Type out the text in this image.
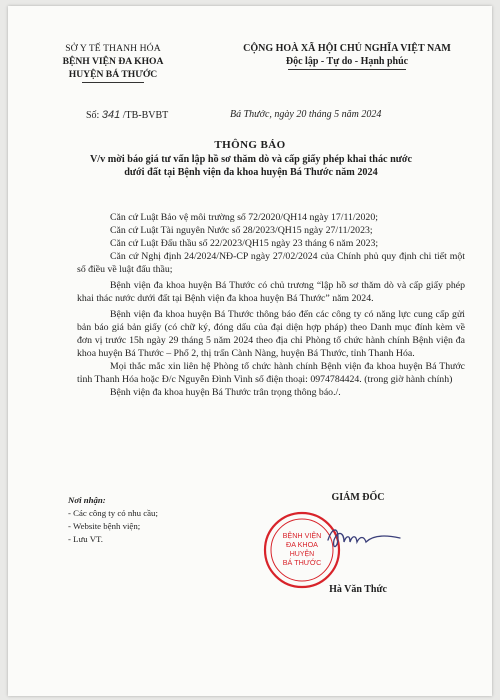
SỞ Y TẾ THANH HÓA
BỆNH VIỆN ĐA KHOA
HUYỆN BÁ THƯỚC
CỘNG HOÀ XÃ HỘI CHỦ NGHĨA VIỆT NAM
Độc lập - Tự do - Hạnh phúc
Số: 341 /TB-BVBT	Bá Thước, ngày 20 tháng 5 năm 2024
THÔNG BÁO
V/v mời báo giá tư vấn lập hồ sơ thăm dò và cấp giấy phép khai thác nước
dưới đất tại Bệnh viện đa khoa huyện Bá Thước năm 2024

Căn cứ Luật Bảo vệ môi trường số 72/2020/QH14 ngày 17/11/2020;

Căn cứ Luật Tài nguyên Nước số 28/2023/QH15 ngày 27/11/2023;

Căn cứ Luật Đấu thầu số 22/2023/QH15 ngày 23 tháng 6 năm 2023;

Căn cứ Nghị định 24/2024/NĐ-CP ngày 27/02/2024 của Chính phủ quy định chi tiết một số điều về luật đấu thầu;

Bệnh viện đa khoa huyện Bá Thước có chủ trương “lập hồ sơ thăm dò và cấp giấy phép khai thác nước dưới đất tại Bệnh viện đa khoa huyện Bá Thước” năm 2024.

Bệnh viện đa khoa huyện Bá Thước thông báo đến các công ty có năng lực cung cấp gửi bản báo giá bản giấy (có chữ ký, đóng dấu của đại diện hợp pháp) theo Danh mục đính kèm về đơn vị trước 15h ngày 29 tháng 5 năm 2024 theo địa chỉ Phòng tổ chức hành chính Bệnh viện đa khoa huyện Bá Thước – Phố 2, thị trấn Cành Nàng, huyện Bá Thước, tỉnh Thanh Hóa.

Mọi thắc mắc xin liên hệ Phòng tổ chức hành chính Bệnh viện đa khoa huyện Bá Thước tỉnh Thanh Hóa hoặc Đ/c Nguyễn Đình Vinh số điện thoại: 0974784424. (trong giờ hành chính)

Bệnh viện đa khoa huyện Bá Thước trân trọng thông báo./.

Nơi nhận:
- Các công ty có nhu cầu;
- Website bệnh viện;
- Lưu VT.
GIÁM ĐỐC
BỆNH VIỆN
ĐA KHOA
HUYỆN
BÁ THƯỚC
Hà Văn Thức
